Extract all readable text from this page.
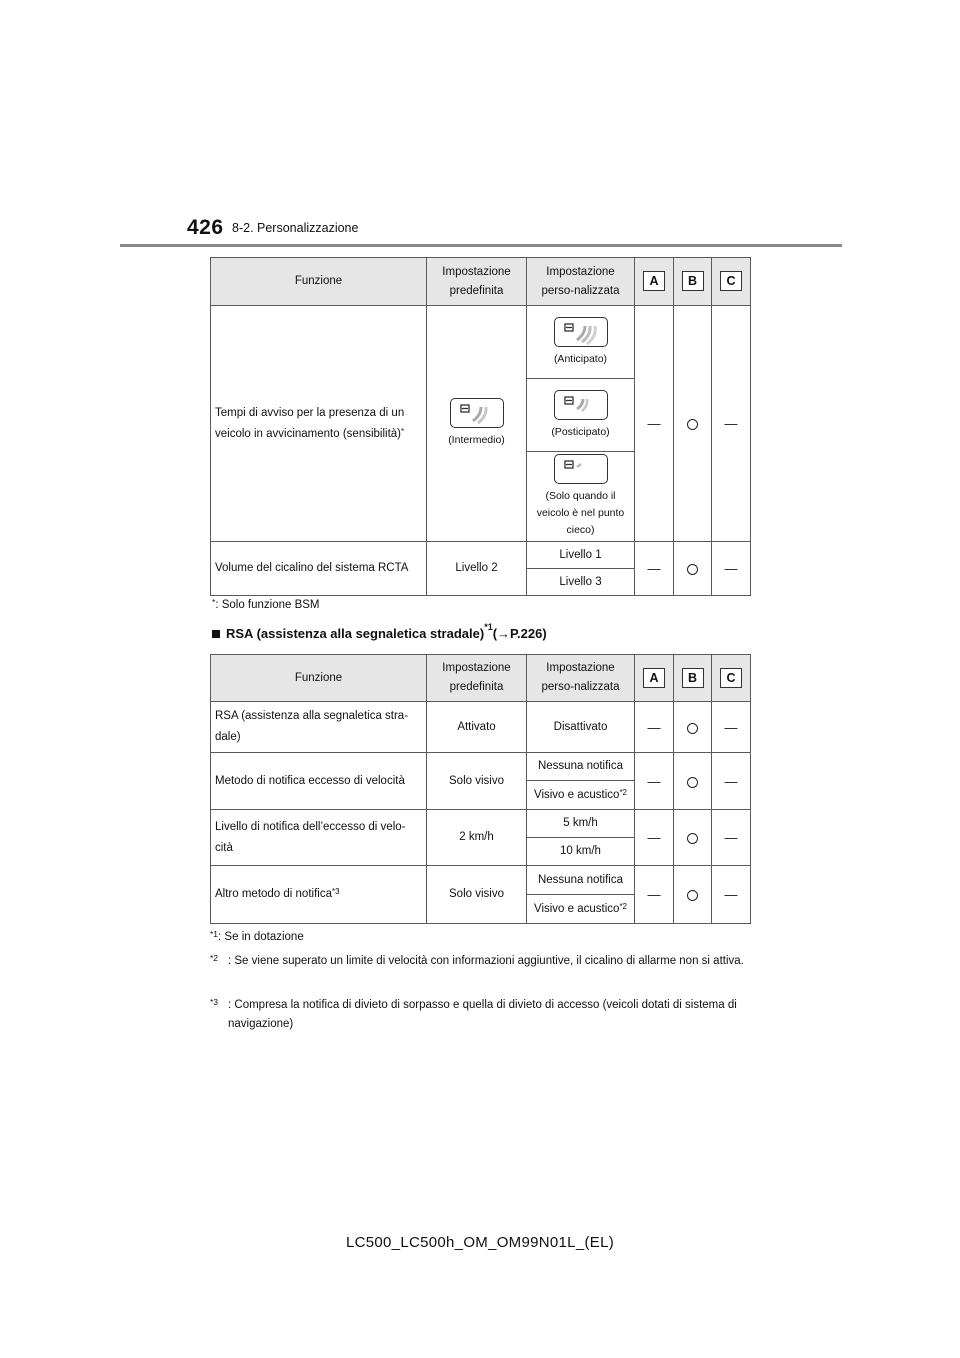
426 8-2. Personalizzazione
Funzione	Impostazione predefinita	Impostazione perso-nalizzata	A	B	C
Tempi di avviso per la presenza di un veicolo in avvicinamento (sensibilità)*	(Intermedio)	(Anticipato)	—		—

(Posticipato)			

(Solo quando il veicolo è nel punto cieco)			
Volume del cicalino del sistema RCTA	Livello 2	Livello 1	—		—
		Livello 3			
*: Solo funzione BSM
RSA (assistenza alla segnaletica stradale)$^{*1}$(→P.226)
Funzione	Impostazione predefinita	Impostazione perso-nalizzata	A	B	C
RSA (assistenza alla segnaletica stra-dale)	Attivato	Disattivato	—		—
Metodo di notifica eccesso di velocità	Solo visivo	Nessuna notifica	—		—
		Visivo e acustico$^{*2}$
Livello di notifica dell’eccesso di velo-cità	2 km/h	5 km/h	—		—
		10 km/h			
Altro metodo di notifica$^{*3}$	Solo visivo	Nessuna notifica	—		—
		Visivo e acustico$^{*2}$
$^{*1}$: Se in dotazione
$^{*2}$ : Se viene superato un limite di velocità con informazioni aggiuntive, il cicalino di allarme non si attiva.
$^{*3}$ : Compresa la notifica di divieto di sorpasso e quella di divieto di accesso (veicoli dotati di sistema di navigazione)
LC500_LC500h_OM_OM99N01L_(EL)
